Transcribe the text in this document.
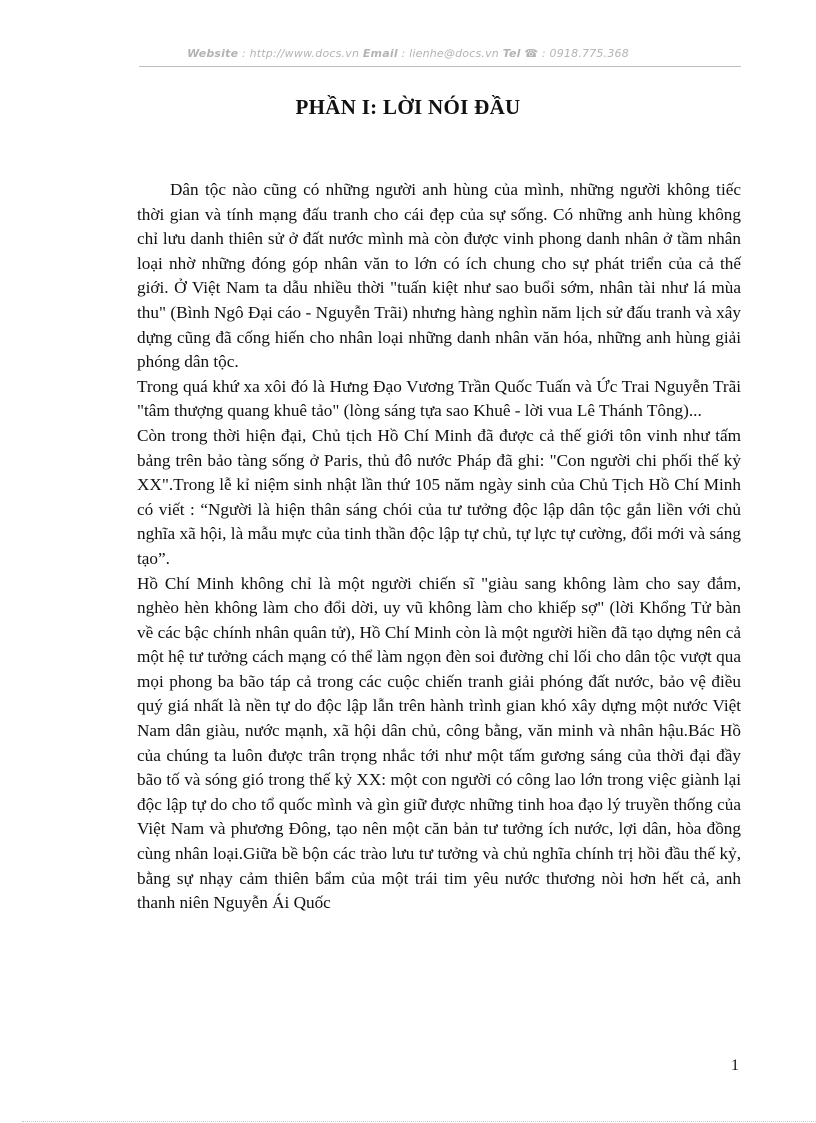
Website : http://www.docs.vn Email : lienhe@docs.vn Tel ☎ : 0918.775.368
PHẦN I: LỜI NÓI ĐẦU

Dân tộc nào cũng có những người anh hùng của mình, những người không tiếc thời gian và tính mạng đấu tranh cho cái đẹp của sự sống. Có những anh hùng không chỉ lưu danh thiên sử ở đất nước mình mà còn được vinh phong danh nhân ở tầm nhân loại nhờ những đóng góp nhân văn to lớn có ích chung cho sự phát triển của cả thế giới. Ở Việt Nam ta dẫu nhiều thời "tuấn kiệt như sao buổi sớm, nhân tài như lá mùa thu" (Bình Ngô Đại cáo - Nguyễn Trãi) nhưng hàng nghìn năm lịch sử đấu tranh và xây dựng cũng đã cống hiến cho nhân loại những danh nhân văn hóa, những anh hùng giải phóng dân tộc.

Trong quá khứ xa xôi đó là Hưng Đạo Vương Trần Quốc Tuấn và Ức Trai Nguyễn Trãi "tâm thượng quang khuê tảo" (lòng sáng tựa sao Khuê - lời vua Lê Thánh Tông)...

Còn trong thời hiện đại, Chủ tịch Hồ Chí Minh đã được cả thế giới tôn vinh như tấm bảng trên bảo tàng sống ở Paris, thủ đô nước Pháp đã ghi: "Con người chi phối thế kỷ XX".Trong lễ kỉ niệm sinh nhật lần thứ 105 năm ngày sinh của Chủ Tịch Hồ Chí Minh có viết : “Người là hiện thân sáng chói của tư tưởng độc lập dân tộc gắn liền với chủ nghĩa xã hội, là mẫu mực của tinh thần độc lập tự chủ, tự lực tự cường, đổi mới và sáng tạo”.

Hồ Chí Minh không chỉ là một người chiến sĩ "giàu sang không làm cho say đắm, nghèo hèn không làm cho đổi dời, uy vũ không làm cho khiếp sợ" (lời Khổng Tử bàn về các bậc chính nhân quân tử), Hồ Chí Minh còn là một người hiền đã tạo dựng nên cả một hệ tư tưởng cách mạng có thể làm ngọn đèn soi đường chỉ lối cho dân tộc vượt qua mọi phong ba bão táp cả trong các cuộc chiến tranh giải phóng đất nước, bảo vệ điều quý giá nhất là nền tự do độc lập lẫn trên hành trình gian khó xây dựng một nước Việt Nam dân giàu, nước mạnh, xã hội dân chủ, công bằng, văn minh và nhân hậu.Bác Hồ của chúng ta luôn được trân trọng nhắc tới như một tấm gương sáng của thời đại đầy bão tố và sóng gió trong thế kỷ XX: một con người có công lao lớn trong việc giành lại độc lập tự do cho tổ quốc mình và gìn giữ được những tinh hoa đạo lý truyền thống của Việt Nam và phương Đông, tạo nên một căn bản tư tưởng ích nước, lợi dân, hòa đồng cùng nhân loại.Giữa bề bộn các trào lưu tư tưởng và chủ nghĩa chính trị hồi đầu thế kỷ, bằng sự nhạy cảm thiên bẩm của một trái tim yêu nước thương nòi hơn hết cả, anh thanh niên Nguyễn Ái Quốc

1
